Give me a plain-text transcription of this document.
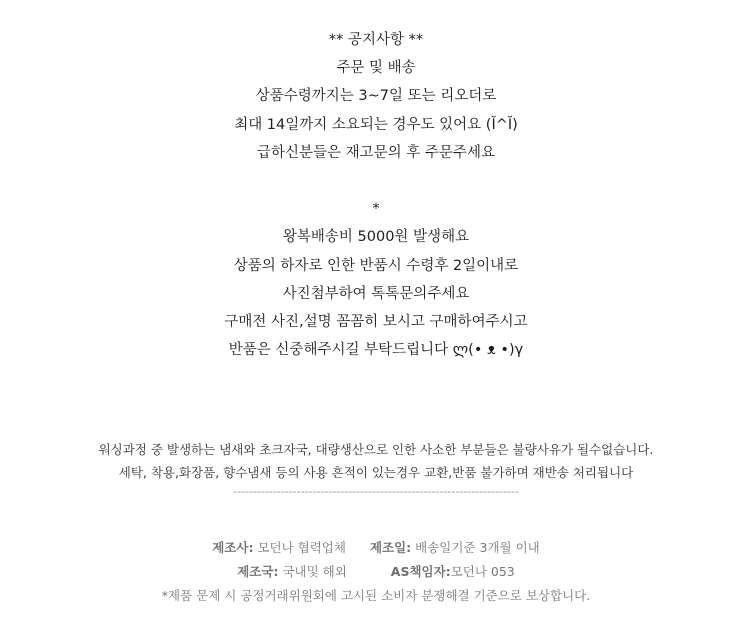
** 공지사항 **
주문 및 배송
상품수령까지는 3~7일 또는 리오더로
최대 14일까지 소요되는 경우도 있어요 (Ĭ^Ĭ)
급하신분들은 재고문의 후 주문주세요
*
왕복배송비 5000원 발생해요
상품의 하자로 인한 반품시 수령후 2일이내로
사진첨부하여 톡톡문의주세요
구매전 사진,설명 꼼꼼히 보시고 구매하여주시고
반품은 신중해주시길 부탁드립니다 ლ(• ᴥ •)γ
워싱과정 중 발생하는 냄새와 초크자국, 대량생산으로 인한 사소한 부분들은 불량사유가 될수없습니다.
세탁, 착용,화장품, 향수냄새 등의 사용 흔적이 있는경우 교환,반품 불가하며 재반송 처리됩니다
------------------------------------------------------------------------
제조사: 모던나 협력업체 제조일: 배송일기준 3개월 이내
제조국: 국내및 해외	AS책임자:모던나 053
*제품 문제 시 공정거래위원회에 고시된 소비자 분쟁해결 기준으로 보상합니다.
